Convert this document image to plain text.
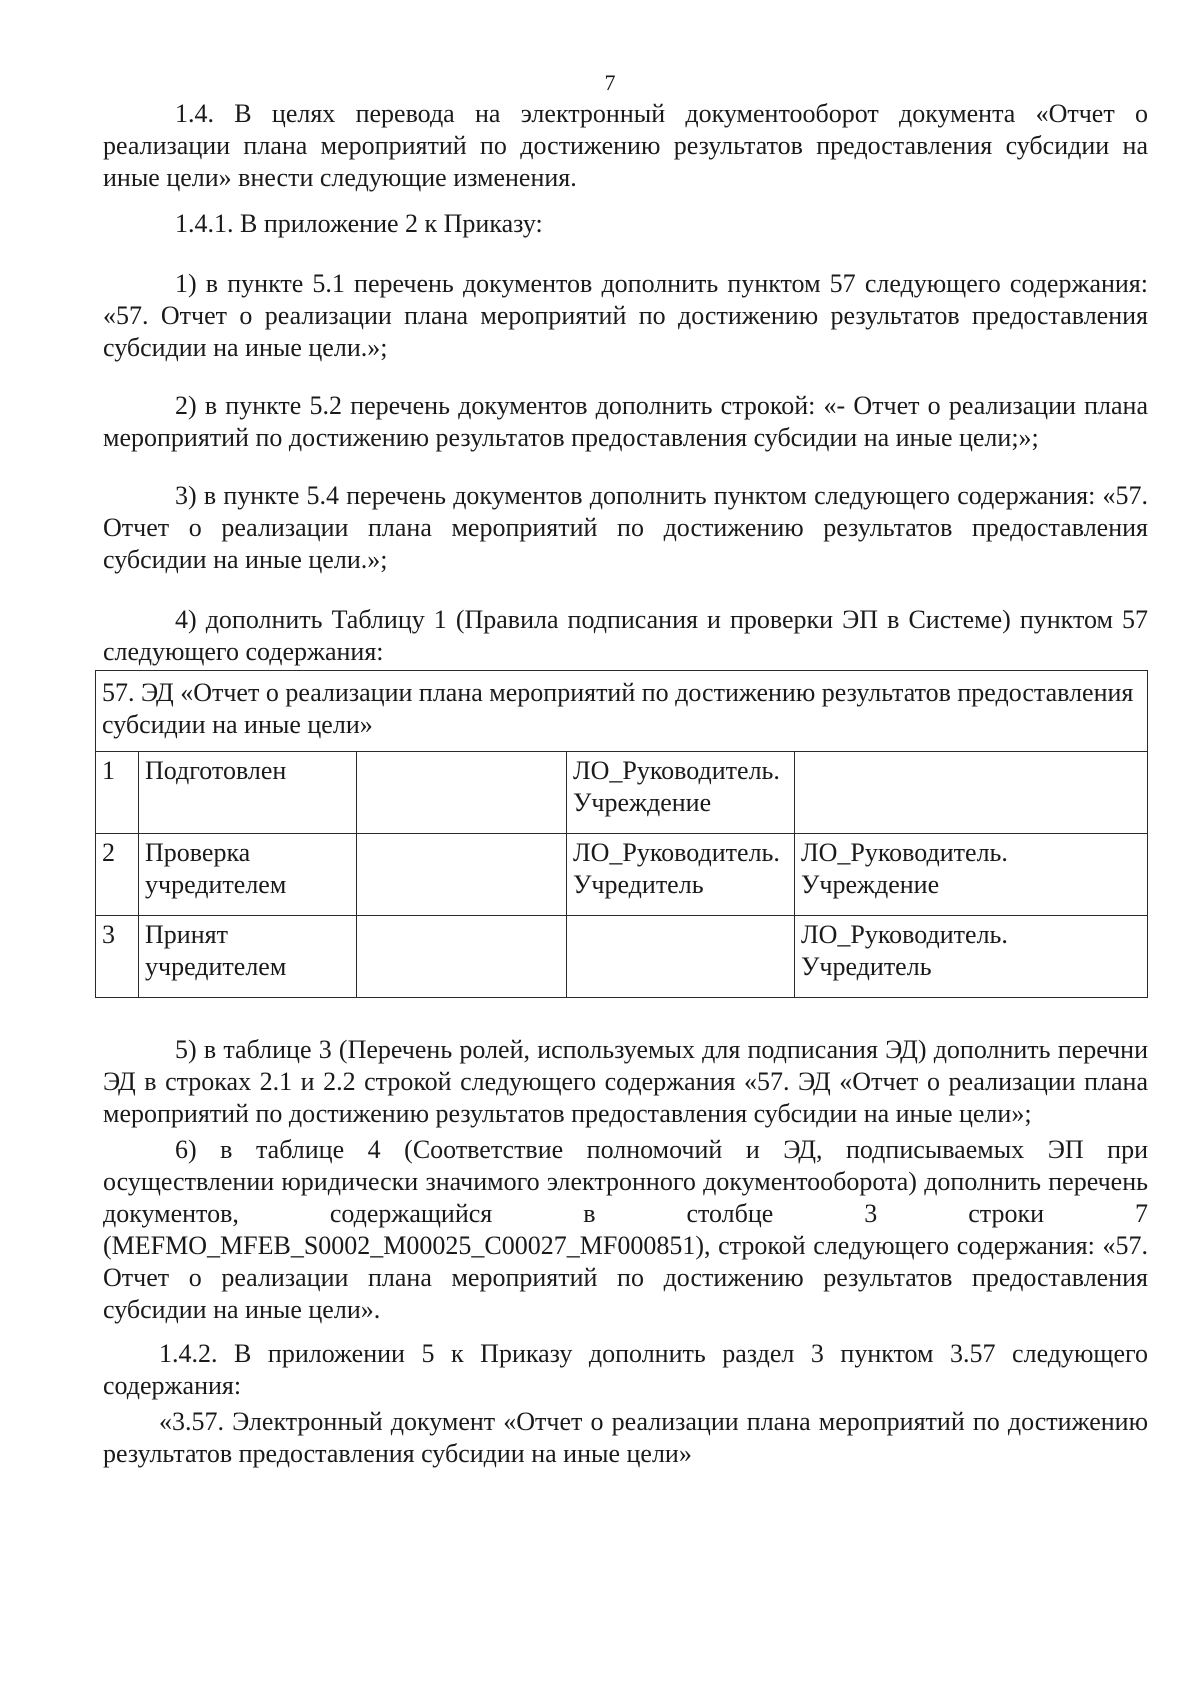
7

1.4. В целях перевода на электронный документооборот документа «Отчет о реализации плана мероприятий по достижению результатов предоставления субсидии на иные цели» внести следующие изменения.

1.4.1. В приложение 2 к Приказу:

1) в пункте 5.1 перечень документов дополнить пунктом 57 следующего содержания: «57. Отчет о реализации плана мероприятий по достижению результатов предоставления субсидии на иные цели.»;

2) в пункте 5.2 перечень документов дополнить строкой: «- Отчет о реализации плана мероприятий по достижению результатов предоставления субсидии на иные цели;»;

3) в пункте 5.4 перечень документов дополнить пунктом следующего содержания: «57. Отчет о реализации плана мероприятий по достижению результатов предоставления субсидии на иные цели.»;

4) дополнить Таблицу 1 (Правила подписания и проверки ЭП в Системе) пунктом 57 следующего содержания:

57. ЭД «Отчет о реализации плана мероприятий по достижению результатов предоставления субсидии на иные цели»				
1	Подготовлен		ЛО_Руководитель.
Учреждение	

2	Проверка
учредителем		ЛО_Руководитель.
Учредитель	ЛО_Руководитель.
Учреждение

3	Принят
учредителем			ЛО_Руководитель.
Учредитель

5) в таблице 3 (Перечень ролей, используемых для подписания ЭД) дополнить перечни ЭД в строках 2.1 и 2.2 строкой следующего содержания «57. ЭД «Отчет о реализации плана мероприятий по достижению результатов предоставления субсидии на иные цели»;

6) в таблице 4 (Соответствие полномочий и ЭД, подписываемых ЭП при осуществлении юридически значимого электронного документооборота) дополнить перечень документов, содержащийся в столбце 3 строки 7 (MEFMO_MFEB_S0002_M00025_C00027_MF000851), строкой следующего содержания: «57. Отчет о реализации плана мероприятий по достижению результатов предоставления субсидии на иные цели».

1.4.2. В приложении 5 к Приказу дополнить раздел 3 пунктом 3.57 следующего содержания:

«3.57. Электронный документ «Отчет о реализации плана мероприятий по достижению результатов предоставления субсидии на иные цели»
